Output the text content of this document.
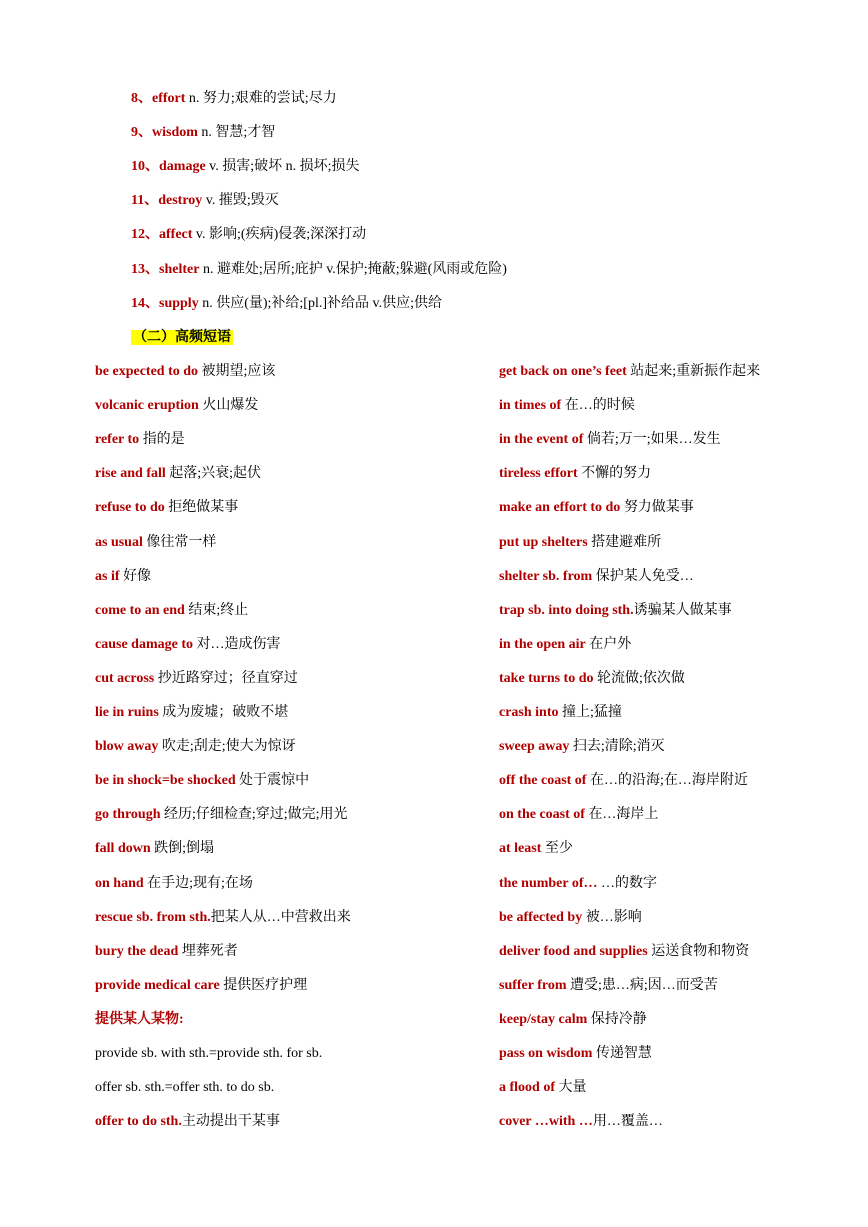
8、effort n. 努力;艰难的尝试;尽力
9、wisdom n. 智慧;才智
10、damage v. 损害;破坏 n. 损坏;损失
11、destroy v. 摧毁;毁灭
12、affect v. 影响;(疾病)侵袭;深深打动
13、shelter n. 避难处;居所;庇护 v.保护;掩蔽;躲避(风雨或危险)
14、supply n. 供应(量);补给;[pl.]补给品 v.供应;供给
（二）高频短语
be expected to do 被期望;应该
volcanic eruption 火山爆发
refer to 指的是
rise and fall 起落;兴衰;起伏
refuse to do 拒绝做某事
as usual 像往常一样
as if 好像
come to an end 结束;终止
cause damage to 对…造成伤害
cut across 抄近路穿过；径直穿过
lie in ruins 成为废墟；破败不堪
blow away 吹走;刮走;使大为惊讶
be in shock=be shocked 处于震惊中
go through 经历;仔细检查;穿过;做完;用光
fall down 跌倒;倒塌
on hand 在手边;现有;在场
rescue sb. from sth.把某人从…中营救出来
bury the dead 埋葬死者
provide medical care 提供医疗护理
提供某人某物:
provide sb. with sth.=provide sth. for sb.
offer sb. sth.=offer sth. to do sb.
offer to do sth.主动提出干某事
get back on one’s feet 站起来;重新振作起来
in times of 在…的时候
in the event of 倘若;万一;如果…发生
tireless effort 不懈的努力
make an effort to do 努力做某事
put up shelters 搭建避难所
shelter sb. from 保护某人免受…
trap sb. into doing sth.诱骗某人做某事
in the open air 在户外
take turns to do 轮流做;依次做
crash into 撞上;猛撞
sweep away 扫去;清除;消灭
off the coast of 在…的沿海;在…海岸附近
on the coast of 在…海岸上
at least 至少
the number of… …的数字
be affected by 被…影响
deliver food and supplies 运送食物和物资
suffer from 遭受;患…病;因…而受苦
keep/stay calm 保持冷静
pass on wisdom 传递智慧
a flood of 大量
cover …with …用…覆盖…
